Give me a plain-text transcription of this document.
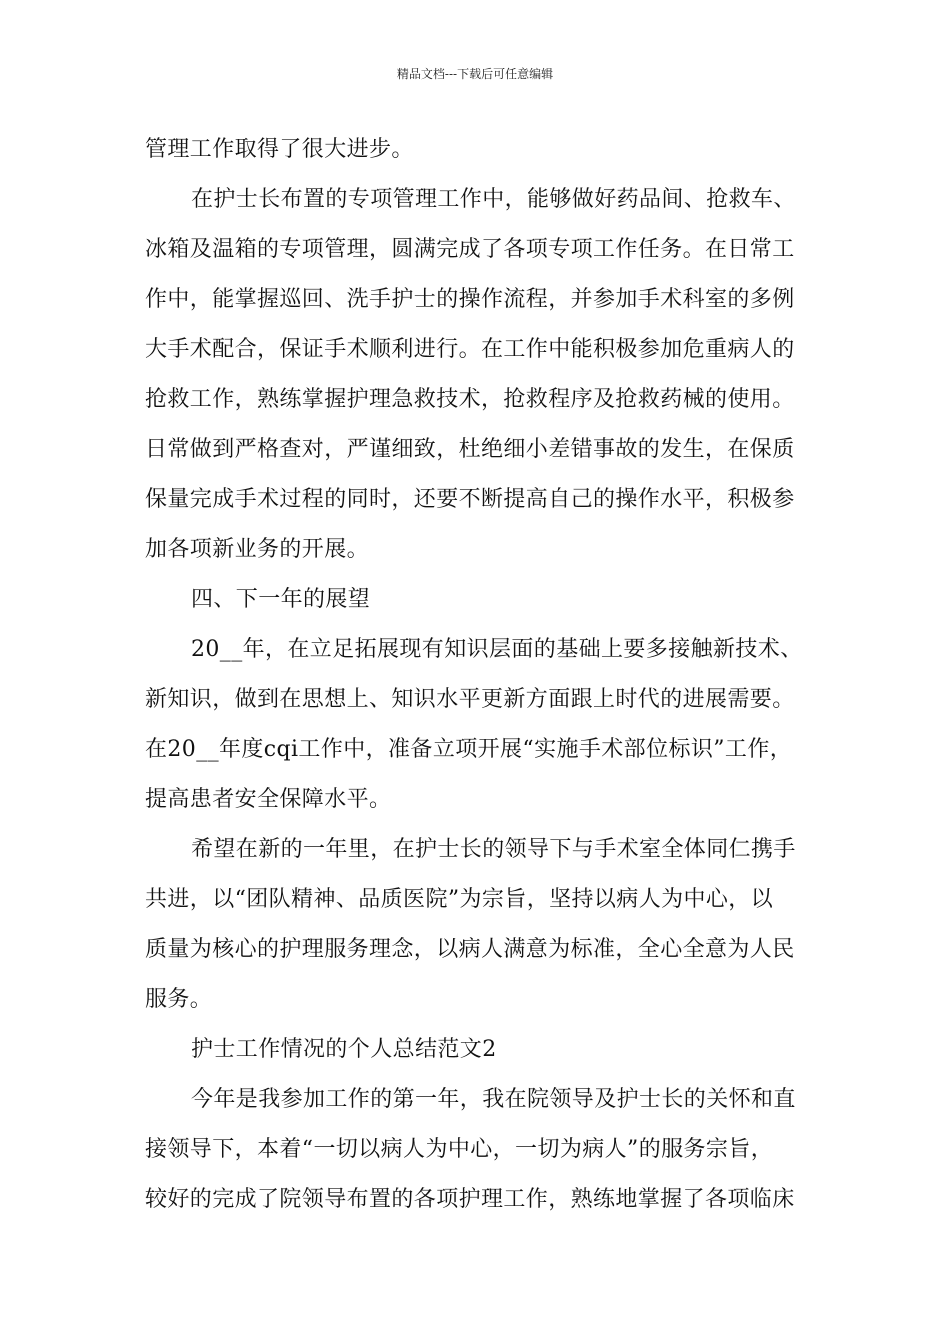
精品文档---下载后可任意编辑
管理工作取得了很大进步。
在护士长布置的专项管理工作中，能够做好药品间、抢救车、
冰箱及温箱的专项管理，圆满完成了各项专项工作任务。在日常工
作中，能掌握巡回、洗手护士的操作流程，并参加手术科室的多例
大手术配合，保证手术顺利进行。在工作中能积极参加危重病人的
抢救工作，熟练掌握护理急救技术，抢救程序及抢救药械的使用。
日常做到严格查对，严谨细致，杜绝细小差错事故的发生，在保质
保量完成手术过程的同时，还要不断提高自己的操作水平，积极参
加各项新业务的开展。
四、下一年的展望
20__年，在立足拓展现有知识层面的基础上要多接触新技术、
新知识，做到在思想上、知识水平更新方面跟上时代的进展需要。
在20__年度cqi工作中，准备立项开展“实施手术部位标识”工作，
提高患者安全保障水平。
希望在新的一年里，在护士长的领导下与手术室全体同仁携手
共进，以“团队精神、品质医院”为宗旨，坚持以病人为中心，以
质量为核心的护理服务理念，以病人满意为标准，全心全意为人民
服务。
护士工作情况的个人总结范文2
今年是我参加工作的第一年，我在院领导及护士长的关怀和直
接领导下，本着“一切以病人为中心，一切为病人”的服务宗旨，
较好的完成了院领导布置的各项护理工作，熟练地掌握了各项临床
